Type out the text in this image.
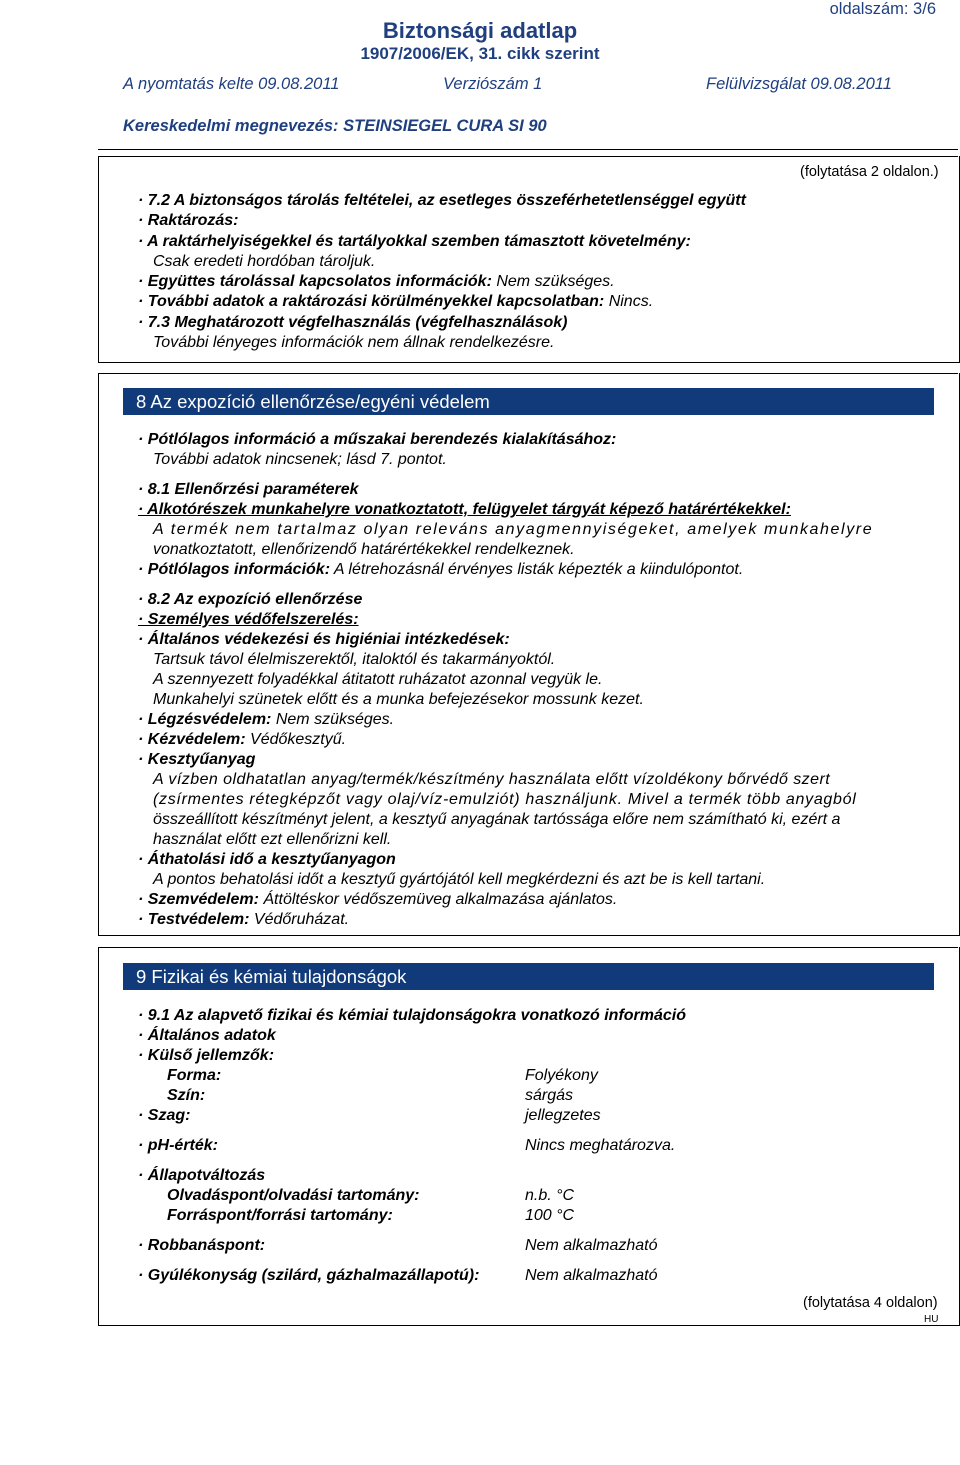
oldalszám: 3/6
Biztonsági adatlap
1907/2006/EK, 31. cikk szerint
A nyomtatás kelte 09.08.2011	Verziószám 1	Felülvizsgálat 09.08.2011
Kereskedelmi megnevezés: STEINSIEGEL CURA SI 90
(folytatása 2 oldalon.)
· 7.2 A biztonságos tárolás feltételei, az esetleges összeférhetetlenséggel együtt
· Raktározás:
· A raktárhelyiségekkel és tartályokkal szemben támasztott követelmény:
Csak eredeti hordóban tároljuk.
· Együttes tárolással kapcsolatos információk: Nem szükséges.
· További adatok a raktározási körülményekkel kapcsolatban: Nincs.
· 7.3 Meghatározott végfelhasználás (végfelhasználások)
További lényeges információk nem állnak rendelkezésre.
8 Az expozíció ellenőrzése/egyéni védelem
· Pótlólagos információ a műszakai berendezés kialakításához:
További adatok nincsenek; lásd 7. pontot.
· 8.1 Ellenőrzési paraméterek
· Alkotórészek munkahelyre vonatkoztatott, felügyelet tárgyát képező határértékekkel:
A termék nem tartalmaz olyan releváns anyagmennyiségeket, amelyek munkahelyre
vonatkoztatott, ellenőrizendő határértékekkel rendelkeznek.
· Pótlólagos információk: A létrehozásnál érvényes listák képezték a kiindulópontot.
· 8.2 Az expozíció ellenőrzése
· Személyes védőfelszerelés:
· Általános védekezési és higiéniai intézkedések:
Tartsuk távol élelmiszerektől, italoktól és takarmányoktól.
A szennyezett folyadékkal átitatott ruházatot azonnal vegyük le.
Munkahelyi szünetek előtt és a munka befejezésekor mossunk kezet.
· Légzésvédelem: Nem szükséges.
· Kézvédelem: Védőkesztyű.
· Kesztyűanyag
A vízben oldhatatlan anyag/termék/készítmény használata előtt vízoldékony bőrvédő szert
(zsírmentes rétegképzőt vagy olaj/víz-emulziót) használjunk. Mivel a termék több anyagból
összeállított készítményt jelent, a kesztyű anyagának tartóssága előre nem számítható ki, ezért a
használat előtt ezt ellenőrizni kell.
· Áthatolási idő a kesztyűanyagon
A pontos behatolási időt a kesztyű gyártójától kell megkérdezni és azt be is kell tartani.
· Szemvédelem: Áttöltéskor védőszemüveg alkalmazása ajánlatos.
· Testvédelem: Védőruházat.
9 Fizikai és kémiai tulajdonságok
· 9.1 Az alapvető fizikai és kémiai tulajdonságokra vonatkozó információ
· Általános adatok
· Külső jellemzők:
Forma:	Folyékony
Szín:	sárgás
· Szag:	jellegzetes
· pH-érték:	Nincs meghatározva.
· Állapotváltozás
Olvadáspont/olvadási tartomány:	n.b. °C
Forráspont/forrási tartomány:	100 °C
· Robbanáspont:	Nem alkalmazható
· Gyúlékonyság (szilárd, gázhalmazállapotú):	Nem alkalmazható
(folytatása 4 oldalon)
HU
